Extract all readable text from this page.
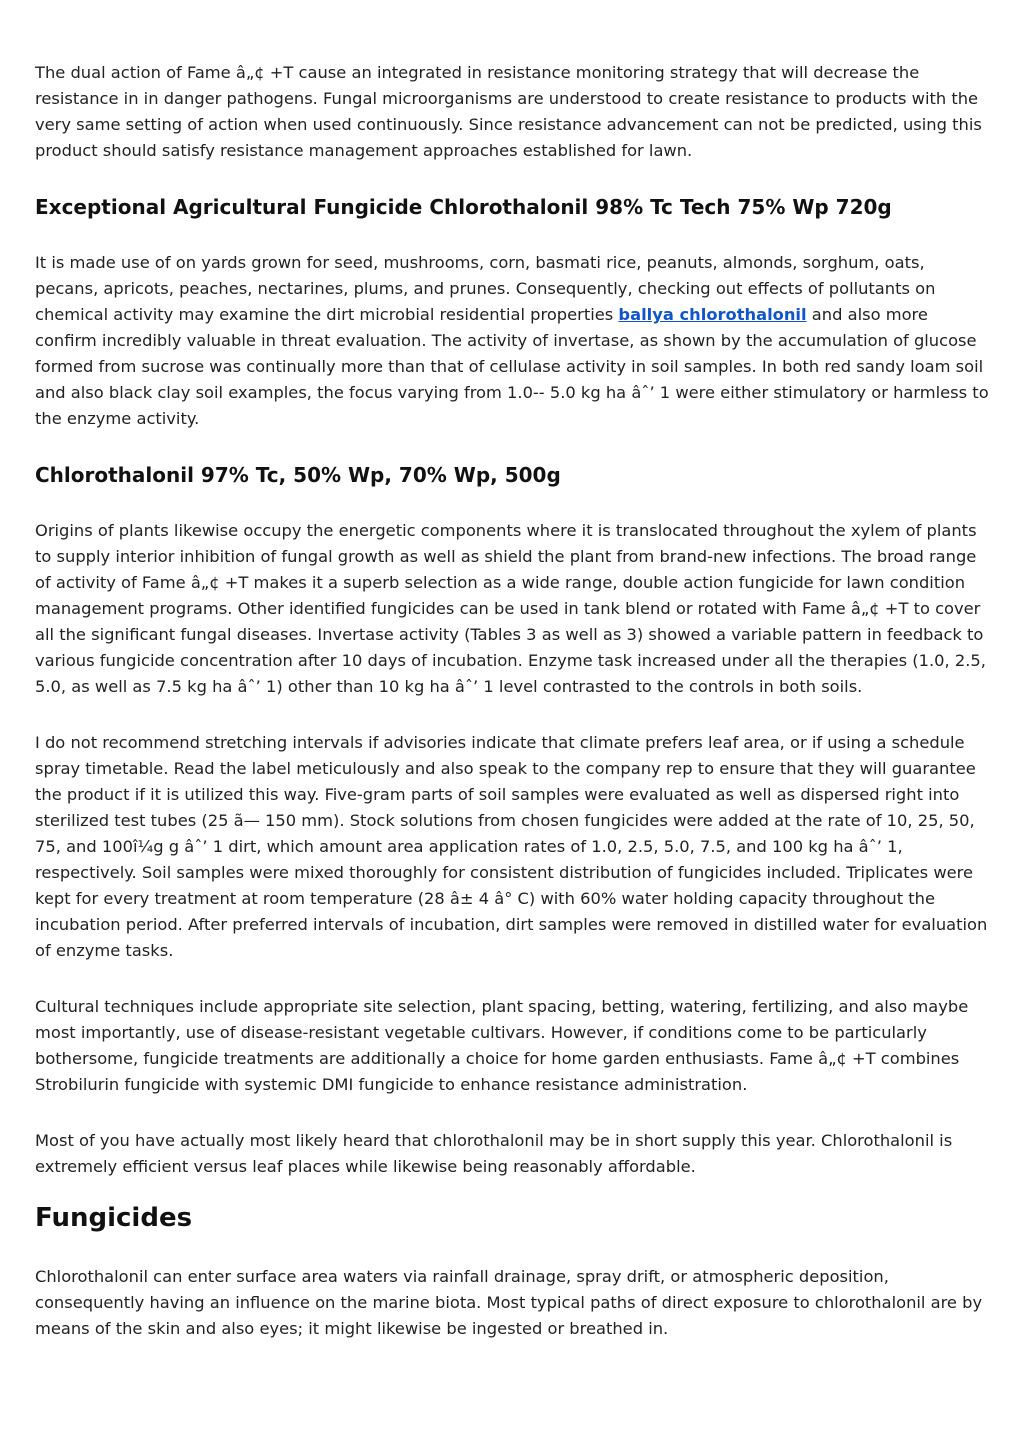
The dual action of Fame â„¢ +T cause an integrated in resistance monitoring strategy that will decrease the resistance in in danger pathogens. Fungal microorganisms are understood to create resistance to products with the very same setting of action when used continuously. Since resistance advancement can not be predicted, using this product should satisfy resistance management approaches established for lawn.

Exceptional Agricultural Fungicide Chlorothalonil 98% Tc Tech 75% Wp 720g

It is made use of on yards grown for seed, mushrooms, corn, basmati rice, peanuts, almonds, sorghum, oats, pecans, apricots, peaches, nectarines, plums, and prunes. Consequently, checking out effects of pollutants on chemical activity may examine the dirt microbial residential properties ballya chlorothalonil and also more confirm incredibly valuable in threat evaluation. The activity of invertase, as shown by the accumulation of glucose formed from sucrose was continually more than that of cellulase activity in soil samples. In both red sandy loam soil and also black clay soil examples, the focus varying from 1.0-- 5.0 kg ha âˆ’ 1 were either stimulatory or harmless to the enzyme activity.

Chlorothalonil 97% Tc, 50% Wp, 70% Wp, 500g

Origins of plants likewise occupy the energetic components where it is translocated throughout the xylem of plants to supply interior inhibition of fungal growth as well as shield the plant from brand-new infections. The broad range of activity of Fame â„¢ +T makes it a superb selection as a wide range, double action fungicide for lawn condition management programs. Other identified fungicides can be used in tank blend or rotated with Fame â„¢ +T to cover all the significant fungal diseases. Invertase activity (Tables 3 as well as 3) showed a variable pattern in feedback to various fungicide concentration after 10 days of incubation. Enzyme task increased under all the therapies (1.0, 2.5, 5.0, as well as 7.5 kg ha âˆ’ 1) other than 10 kg ha âˆ’ 1 level contrasted to the controls in both soils.

I do not recommend stretching intervals if advisories indicate that climate prefers leaf area, or if using a schedule spray timetable. Read the label meticulously and also speak to the company rep to ensure that they will guarantee the product if it is utilized this way. Five-gram parts of soil samples were evaluated as well as dispersed right into sterilized test tubes (25 ã— 150 mm). Stock solutions from chosen fungicides were added at the rate of 10, 25, 50, 75, and 100î¼g g âˆ’ 1 dirt, which amount area application rates of 1.0, 2.5, 5.0, 7.5, and 100 kg ha âˆ’ 1, respectively. Soil samples were mixed thoroughly for consistent distribution of fungicides included. Triplicates were kept for every treatment at room temperature (28 â± 4 â° C) with 60% water holding capacity throughout the incubation period. After preferred intervals of incubation, dirt samples were removed in distilled water for evaluation of enzyme tasks.

Cultural techniques include appropriate site selection, plant spacing, betting, watering, fertilizing, and also maybe most importantly, use of disease-resistant vegetable cultivars. However, if conditions come to be particularly bothersome, fungicide treatments are additionally a choice for home garden enthusiasts. Fame â„¢ +T combines Strobilurin fungicide with systemic DMI fungicide to enhance resistance administration.

Most of you have actually most likely heard that chlorothalonil may be in short supply this year. Chlorothalonil is extremely efficient versus leaf places while likewise being reasonably affordable.

Fungicides

Chlorothalonil can enter surface area waters via rainfall drainage, spray drift, or atmospheric deposition, consequently having an influence on the marine biota. Most typical paths of direct exposure to chlorothalonil are by means of the skin and also eyes; it might likewise be ingested or breathed in.
